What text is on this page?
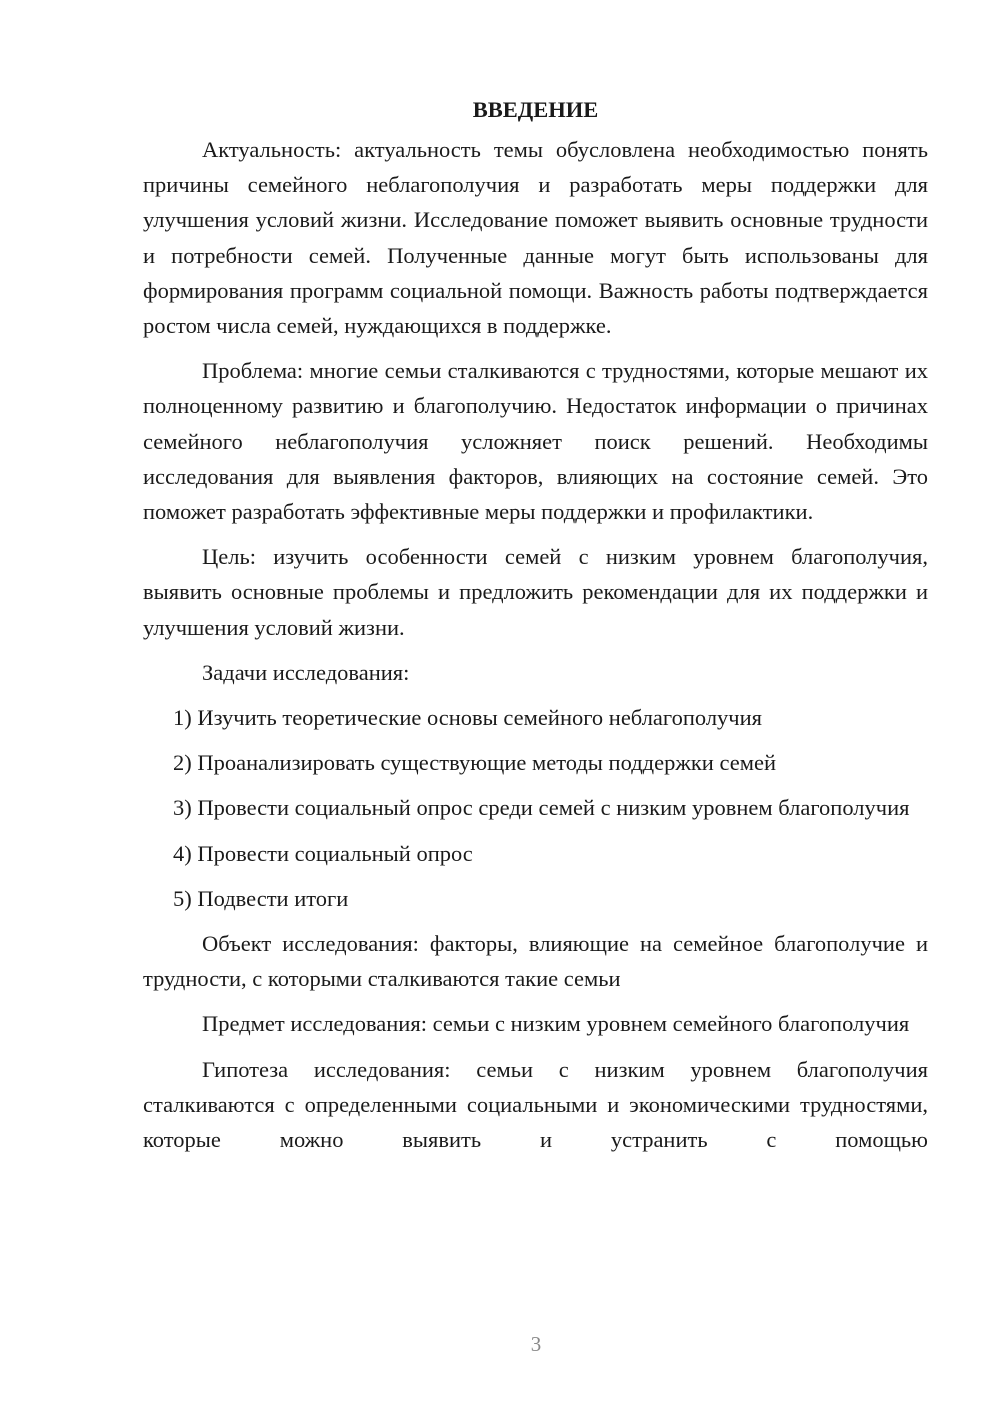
ВВЕДЕНИЕ

Актуальность: актуальность темы обусловлена необходимостью понять причины семейного неблагополучия и разработать меры поддержки для улучшения условий жизни. Исследование поможет выявить основные трудности и потребности семей. Полученные данные могут быть использованы для формирования программ социальной помощи. Важность работы подтверждается ростом числа семей, нуждающихся в поддержке.

Проблема: многие семьи сталкиваются с трудностями, которые мешают их полноценному развитию и благополучию. Недостаток информации о причинах семейного неблагополучия усложняет поиск решений. Необходимы исследования для выявления факторов, влияющих на состояние семей. Это поможет разработать эффективные меры поддержки и профилактики.

Цель: изучить особенности семей с низким уровнем благополучия, выявить основные проблемы и предложить рекомендации для их поддержки и улучшения условий жизни.

Задачи исследования:

1) Изучить теоретические основы семейного неблагополучия

2) Проанализировать существующие методы поддержки семей

3) Провести социальный опрос среди семей с низким уровнем благополучия

4) Провести социальный опрос

5) Подвести итоги

Объект исследования: факторы, влияющие на семейное благополучие и трудности, с которыми сталкиваются такие семьи

Предмет исследования: семьи с низким уровнем семейного благополучия

Гипотеза исследования: семьи с низким уровнем благополучия сталкиваются с определенными социальными и экономическими трудностями, которые можно выявить и устранить с помощью

3
